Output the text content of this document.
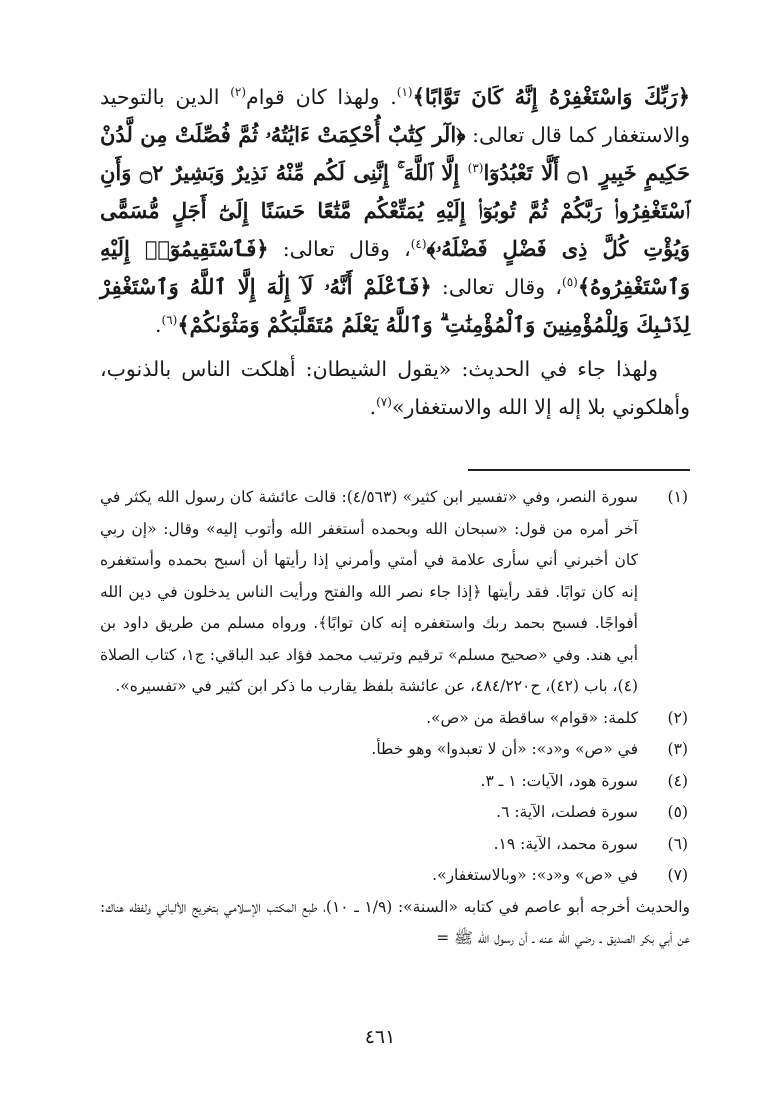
﴿رَبِّكَ وَاسْتَغْفِرْهُ إِنَّهُ كَانَ تَوَّابًا﴾$^{(١)}$. ولهذا كان قوام$^{(٢)}$ الدين بالتوحيد والاستغفار كما قال تعالى: ﴿الٓر كِتَٰبٌ أُحْكِمَتْ ءَايَٰتُهُۥ ثُمَّ فُصِّلَتْ مِن لَّدُنْ حَكِيمٍ خَبِيرٍ ۝١ أَلَّا تَعْبُدُوٓا$^{(٣)}$ إِلَّا ٱللَّهَ ۚ إِنَّنِى لَكُم مِّنْهُ نَذِيرٌ وَبَشِيرٌ ۝٢ وَأَنِ ٱسْتَغْفِرُوا۟ رَبَّكُمْ ثُمَّ تُوبُوٓا۟ إِلَيْهِ يُمَتِّعْكُم مَّتَٰعًا حَسَنًا إِلَىٰٓ أَجَلٍ مُّسَمًّى وَيُؤْتِ كُلَّ ذِى فَضْلٍ فَضْلَهُۥ﴾$^{(٤)}$، وقال تعالى: ﴿فَٱسْتَقِيمُوٓا۟ إِلَيْهِ وَٱسْتَغْفِرُوهُ﴾$^{(٥)}$، وقال تعالى: ﴿فَٱعْلَمْ أَنَّهُۥ لَآ إِلَٰهَ إِلَّا ٱللَّهُ وَٱسْتَغْفِرْ لِذَنۢبِكَ وَلِلْمُؤْمِنِينَ وَٱلْمُؤْمِنَٰتِ ۗ وَٱللَّهُ يَعْلَمُ مُتَقَلَّبَكُمْ وَمَثْوَىٰكُمْ﴾$^{(٦)}$.

ولهذا جاء في الحديث: «يقول الشيطان: أهلكت الناس بالذنوب، وأهلكوني بلا إله إلا الله والاستغفار»$^{(٧)}$.

(١)
سورة النصر، وفي «تفسير ابن كثير» (٤/٥٦٣): قالت عائشة كان رسول الله يكثر في آخر أمره من قول: «سبحان الله وبحمده أستغفر الله وأتوب إليه» وقال: «إن ربي كان أخبرني أني سأرى علامة في أمتي وأمرني إذا رأيتها أن أسبح بحمده وأستغفره إنه كان توابًا. فقد رأيتها ﴿إذا جاء نصر الله والفتح ورأيت الناس يدخلون في دين الله أفواجًا. فسبح بحمد ربك واستغفره إنه كان توابًا﴾. ورواه مسلم من طريق داود بن أبي هند. وفي «صحيح مسلم» ترقيم وترتيب محمد فؤاد عبد الباقي: ج١، كتاب الصلاة (٤)، باب (٤٢)، ح٤٨٤/٢٢٠، عن عائشة بلفظ يقارب ما ذكر ابن كثير في «تفسيره».
(٢)
كلمة: «قوام» ساقطة من «ص».
(٣)
في «ص» و«د»: «أن لا تعبدوا» وهو خطأ.
(٤)
سورة هود، الآيات: ١ ـ ٣.
(٥)
سورة فصلت، الآية: ٦.
(٦)
سورة محمد، الآية: ١٩.
(٧)
في «ص» و«د»: «وبالاستغفار».

والحديث أخرجه أبو عاصم في كتابه «السنة»: (١/٩ ـ ١٠)، طبع المكتب الإسلامي بتخريج الألباني ولفظه هناك: عن أبي بكر الصديق ـ رضي الله عنه ـ أن رسول الله ﷺ =

٤٦١
